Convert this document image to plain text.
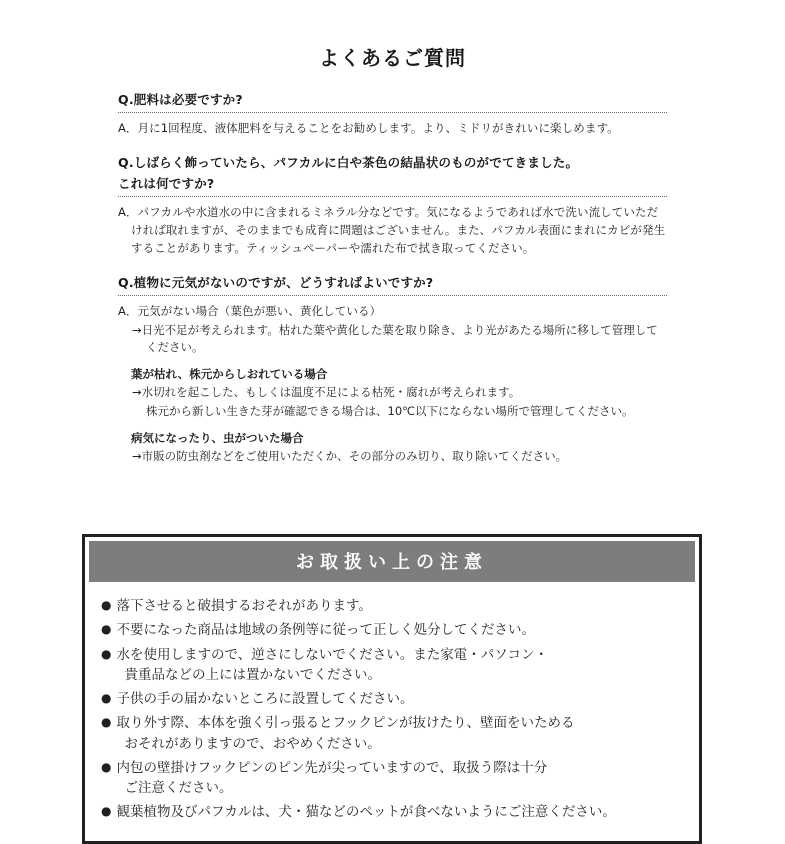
よくあるご質問
Q.肥料は必要ですか?
A．月に1回程度、液体肥料を与えることをお勧めします。より、ミドリがきれいに楽しめます。
Q.しばらく飾っていたら、パフカルに白や茶色の結晶状のものがでてきました。
これは何ですか?
A．パフカルや水道水の中に含まれるミネラル分などです。気になるようであれば水で洗い流していただければ取れますが、そのままでも成育に問題はございません。また、パフカル表面にまれにカビが発生することがあります。ティッシュペーパーや濡れた布で拭き取ってください。
Q.植物に元気がないのですが、どうすればよいですか?
A．元気がない場合（葉色が悪い、黄化している）
→日光不足が考えられます。枯れた葉や黄化した葉を取り除き、より光があたる場所に移して管理してください。
葉が枯れ、株元からしおれている場合
→水切れを起こした、もしくは温度不足による枯死・腐れが考えられます。
株元から新しい生きた芽が確認できる場合は、10℃以下にならない場所で管理してください。
病気になったり、虫がついた場合
→市販の防虫剤などをご使用いただくか、その部分のみ切り、取り除いてください。
お取扱い上の注意
● 落下させると破損するおそれがあります。
● 不要になった商品は地域の条例等に従って正しく処分してください。
● 水を使用しますので、逆さにしないでください。また家電・パソコン・
貴重品などの上には置かないでください。
● 子供の手の届かないところに設置してください。
● 取り外す際、本体を強く引っ張るとフックピンが抜けたり、壁面をいためる
おそれがありますので、おやめください。
● 内包の壁掛けフックピンのピン先が尖っていますので、取扱う際は十分
ご注意ください。
● 観葉植物及びパフカルは、犬・猫などのペットが食べないようにご注意ください。
